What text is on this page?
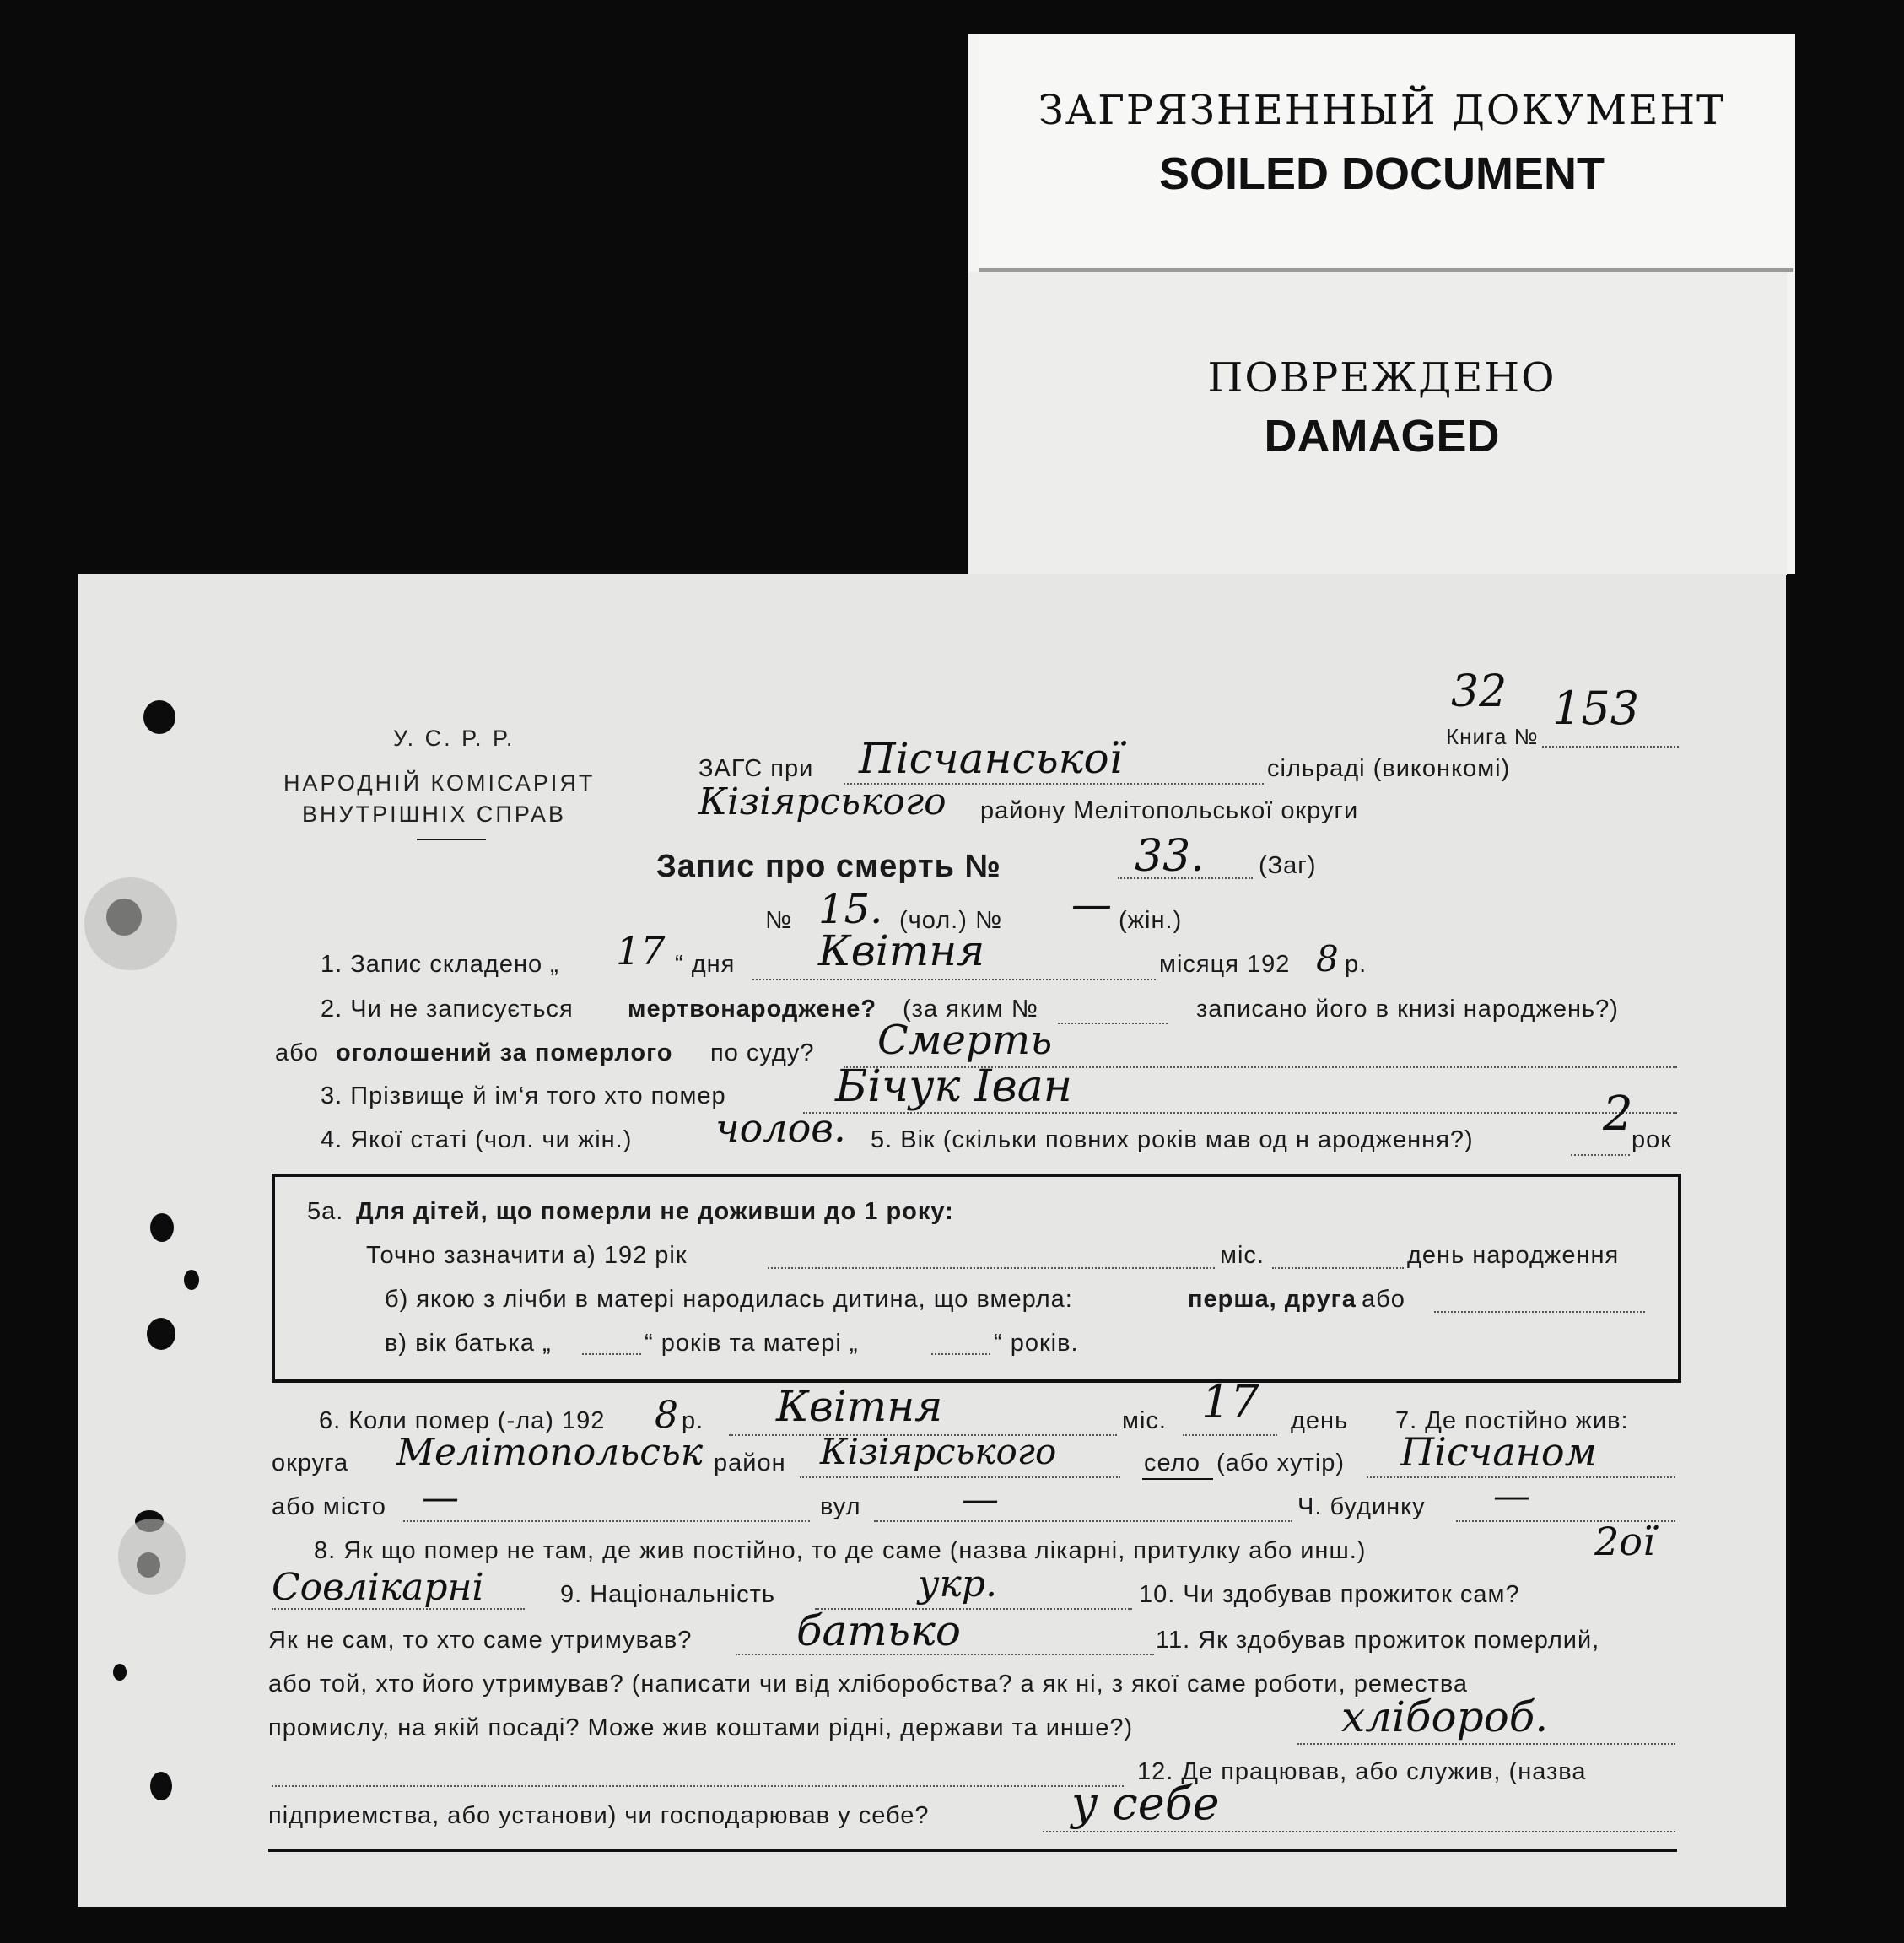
ЗАГРЯЗНЕННЫЙ ДОКУМЕНТ
SOILED DOCUMENT
ПОВРЕЖДЕНО
DAMAGED
У. С. Р. Р.
НАРОДНІЙ КОМІСАРІЯТ
ВНУТРІШНІХ СПРАВ
32
Книга №
153
ЗАГС при Пісчанської	сільраді (виконкомі)
Кізіярського району Мелітопольської округи
Запис про смерть №	33. (Заг)
№ 15. (чол.) № — (жін.)
1. Запис складено „ 17 “ дня Квітня	місяця 192 8 р.
2. Чи не записується мертвонароджене? (за яким №	записано його в книзі народжень?)
або оголошений за померлого по суду? Смерть
3. Прізвище й ім‘я того хто помер Бічук Іван
4. Якої статі (чол. чи жін.) чолов. 5. Вік (скільки повних років мав од н ародження?)	2
рок
5а. Для дітей, що померли не доживши до 1 року:
Точно зазначити а) 192 рік	міс.	день народження
б) якою з лічби в матері народилась дитина, що вмерла:	перша, друга або
в) вік батька „	“ років та матері „	“ років.
6. Коли помер (-ла) 192 8 р. Квітня	міс. 17 день 7. Де постійно жив:
округа Мелітопольськ район Кізіярського	село (або хутір) Пісчаном
або місто —	вул	—	Ч. будинку —
8. Як що помер не там, де жив постійно, то де саме (назва лікарні, притулку або инш.)	2ої
Совлікарні	9. Національність	укр.	10. Чи здобував прожиток сам?
Як не сам, то хто саме утримував? батько	11. Як здобував прожиток померлий,
або той, хто його утримував? (написати чи від хліборобства? а як ні, з якої саме роботи, ремества
промислу, на якій посаді? Може жив коштами рідні, держави та инше?)	хлібороб.
12. Де працював, або служив, (назва
підприемства, або установи) чи господарював у себе?	у себе
